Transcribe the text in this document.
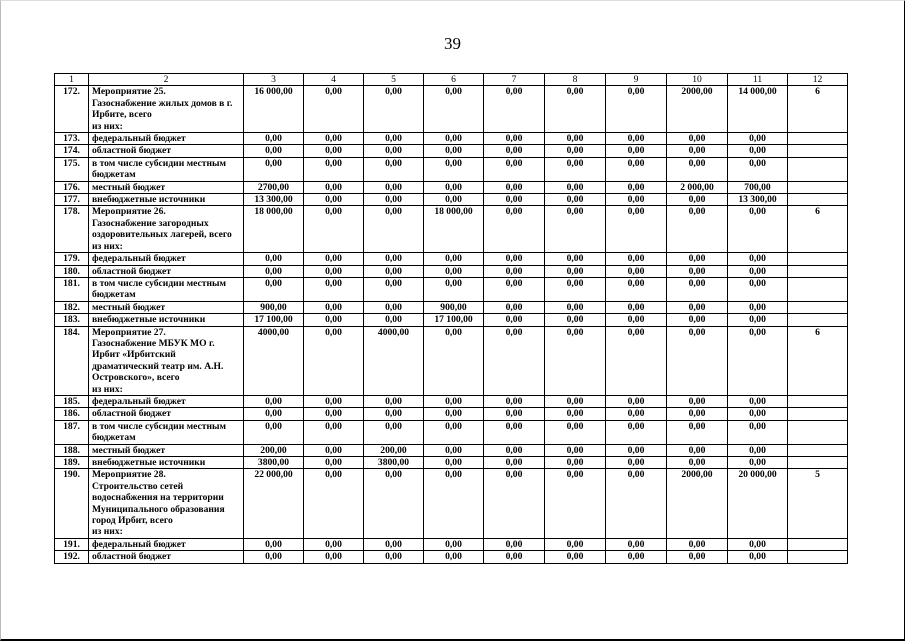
39
1	2	3	4	5	6	7	8	9	10	11	12
172.	Мероприятие 25.
Газоснабжение жилых домов в г. Ирбите, всего
из них:	16 000,00	0,00	0,00	0,00	0,00	0,00	0,00	2000,00	14 000,00	6
173.	федеральный бюджет	0,00	0,00	0,00	0,00	0,00	0,00	0,00	0,00	0,00	
174.	областной бюджет	0,00	0,00	0,00	0,00	0,00	0,00	0,00	0,00	0,00	
175.	в том числе субсидии местным бюджетам	0,00	0,00	0,00	0,00	0,00	0,00	0,00	0,00	0,00	
176.	местный бюджет	2700,00	0,00	0,00	0,00	0,00	0,00	0,00	2 000,00	700,00	
177.	внебюджетные источники	13 300,00	0,00	0,00	0,00	0,00	0,00	0,00	0,00	13 300,00	
178.	Мероприятие 26.
Газоснабжение загородных оздоровительных лагерей, всего
из них:	18 000,00	0,00	0,00	18 000,00	0,00	0,00	0,00	0,00	0,00	6
179.	федеральный бюджет	0,00	0,00	0,00	0,00	0,00	0,00	0,00	0,00	0,00	
180.	областной бюджет	0,00	0,00	0,00	0,00	0,00	0,00	0,00	0,00	0,00	
181.	в том числе субсидии местным бюджетам	0,00	0,00	0,00	0,00	0,00	0,00	0,00	0,00	0,00	
182.	местный бюджет	900,00	0,00	0,00	900,00	0,00	0,00	0,00	0,00	0,00	
183.	внебюджетные источники	17 100,00	0,00	0,00	17 100,00	0,00	0,00	0,00	0,00	0,00	
184.	Мероприятие 27.
Газоснабжение МБУК МО г. Ирбит «Ирбитский драматический театр им. А.Н. Островского», всего
из них:	4000,00	0,00	4000,00	0,00	0,00	0,00	0,00	0,00	0,00	6
185.	федеральный бюджет	0,00	0,00	0,00	0,00	0,00	0,00	0,00	0,00	0,00	
186.	областной бюджет	0,00	0,00	0,00	0,00	0,00	0,00	0,00	0,00	0,00	
187.	в том числе субсидии местным бюджетам	0,00	0,00	0,00	0,00	0,00	0,00	0,00	0,00	0,00	
188.	местный бюджет	200,00	0,00	200,00	0,00	0,00	0,00	0,00	0,00	0,00	
189.	внебюджетные источники	3800,00	0,00	3800,00	0,00	0,00	0,00	0,00	0,00	0,00	
190.	Мероприятие 28.
Строительство сетей водоснабжения на территории Муниципального образования город Ирбит, всего
из них:	22 000,00	0,00	0,00	0,00	0,00	0,00	0,00	2000,00	20 000,00	5
191.	федеральный бюджет	0,00	0,00	0,00	0,00	0,00	0,00	0,00	0,00	0,00	
192.	областной бюджет	0,00	0,00	0,00	0,00	0,00	0,00	0,00	0,00	0,00	
